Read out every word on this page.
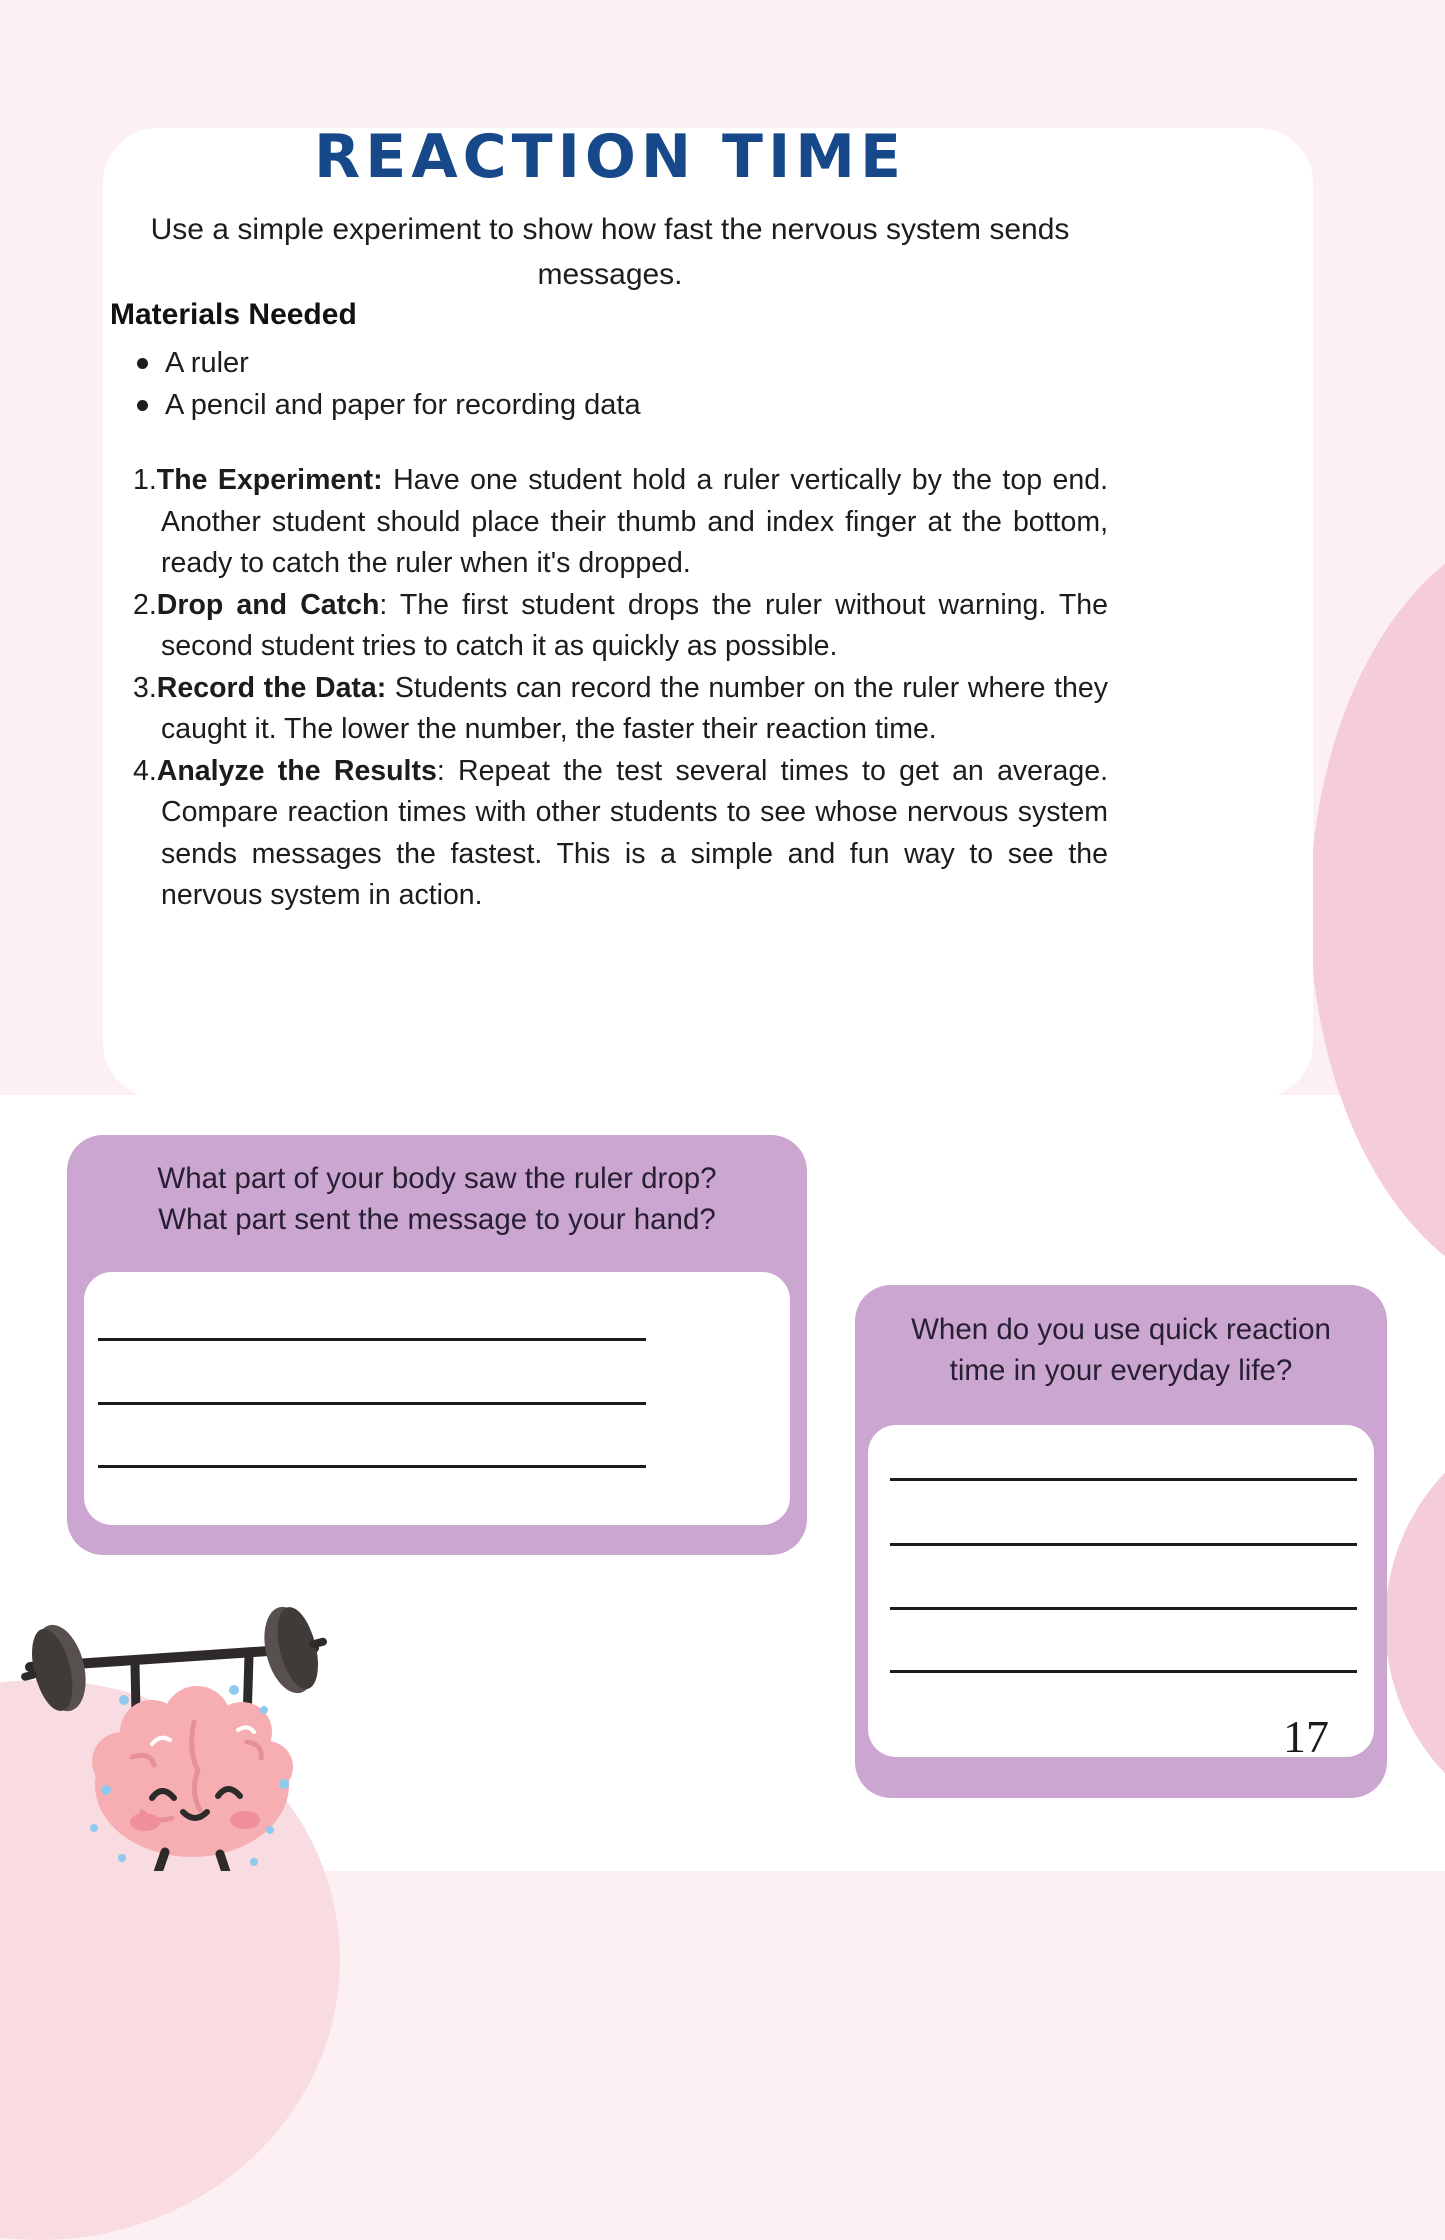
REACTION TIME
Use a simple experiment to show how fast the nervous system sends messages.
Materials Needed
A ruler
A pencil and paper for recording data
1.The Experiment: Have one student hold a ruler vertically by the top end. Another student should place their thumb and index finger at the bottom, ready to catch the ruler when it's dropped.
2.Drop and Catch: The first student drops the ruler without warning. The second student tries to catch it as quickly as possible.
3.Record the Data: Students can record the number on the ruler where they caught it. The lower the number, the faster their reaction time.
4.Analyze the Results: Repeat the test several times to get an average. Compare reaction times with other students to see whose nervous system sends messages the fastest. This is a simple and fun way to see the nervous system in action.
What part of your body saw the ruler drop?
What part sent the message to your hand?
When do you use quick reaction time in your everyday life?
17
